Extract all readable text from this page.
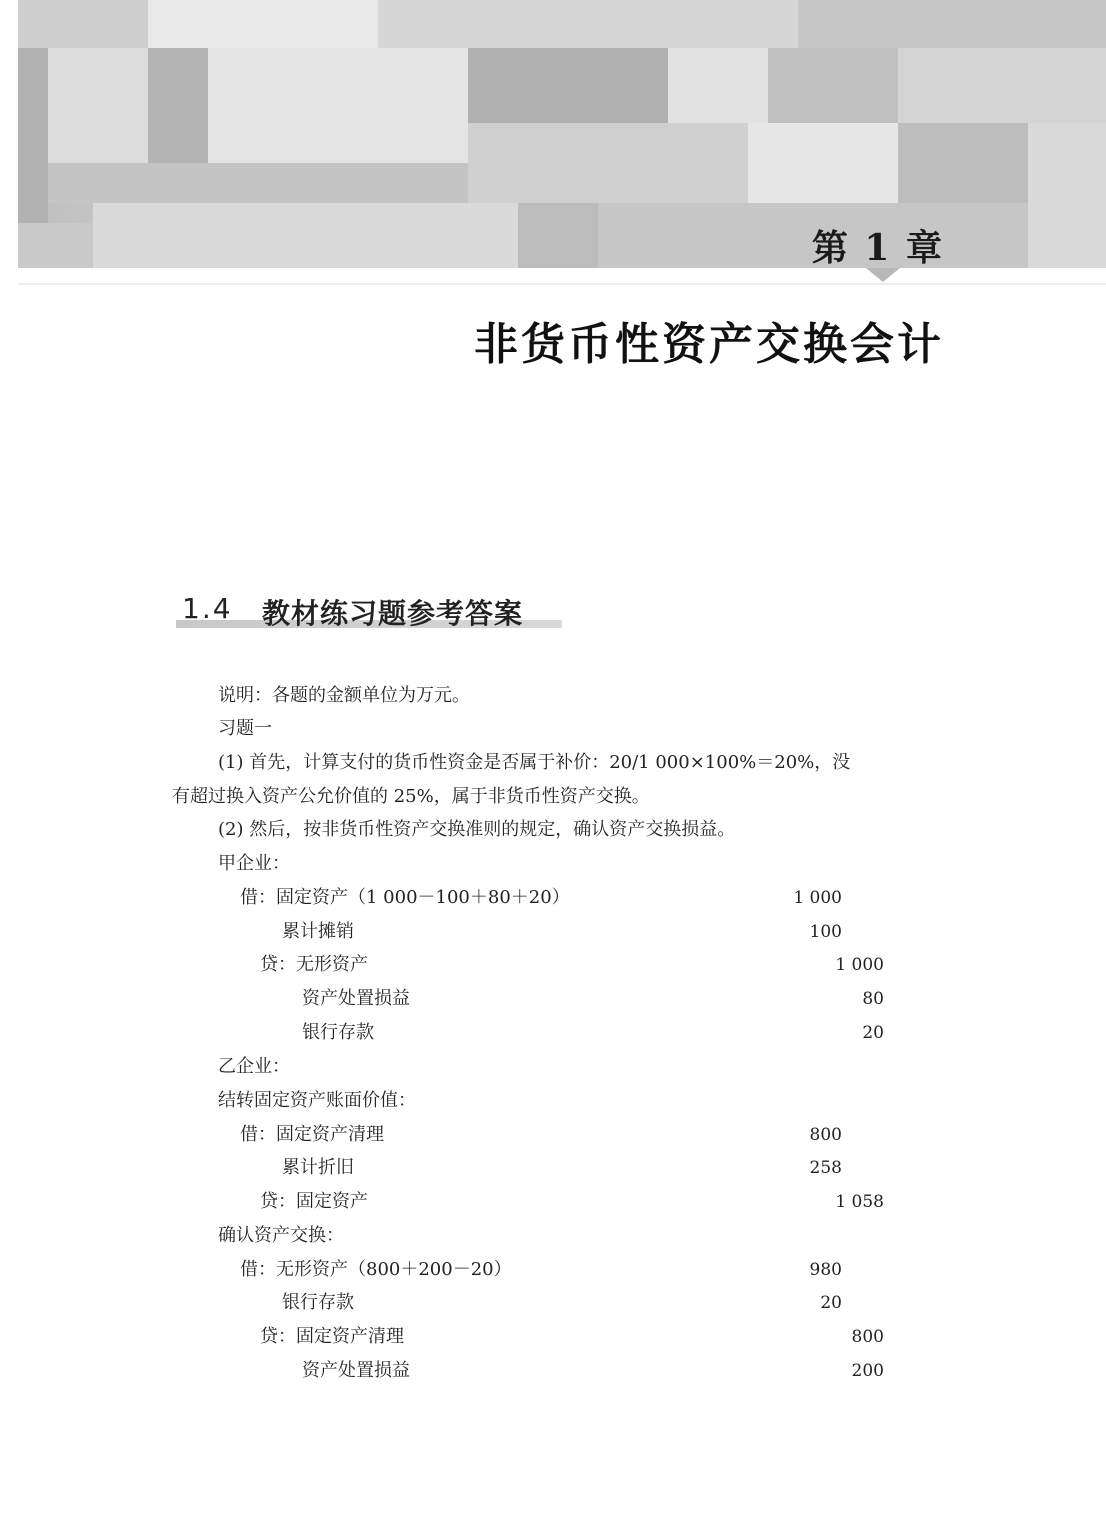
第 1 章
非货币性资产交换会计
1.4 教材练习题参考答案
说明：各题的金额单位为万元。
习题一
(1) 首先，计算支付的货币性资金是否属于补价：20/1 000×100%＝20%，没
有超过换入资产公允价值的 25%，属于非货币性资产交换。
(2) 然后，按非货币性资产交换准则的规定，确认资产交换损益。
甲企业：
借：固定资产（1 000－100＋80＋20）	1 000
累计摊销	100
贷：无形资产	1 000
资产处置损益	80
银行存款	20
乙企业：
结转固定资产账面价值：
借：固定资产清理	800
累计折旧	258
贷：固定资产	1 058
确认资产交换：
借：无形资产（800＋200－20）	980
银行存款	20
贷：固定资产清理	800
资产处置损益	200
